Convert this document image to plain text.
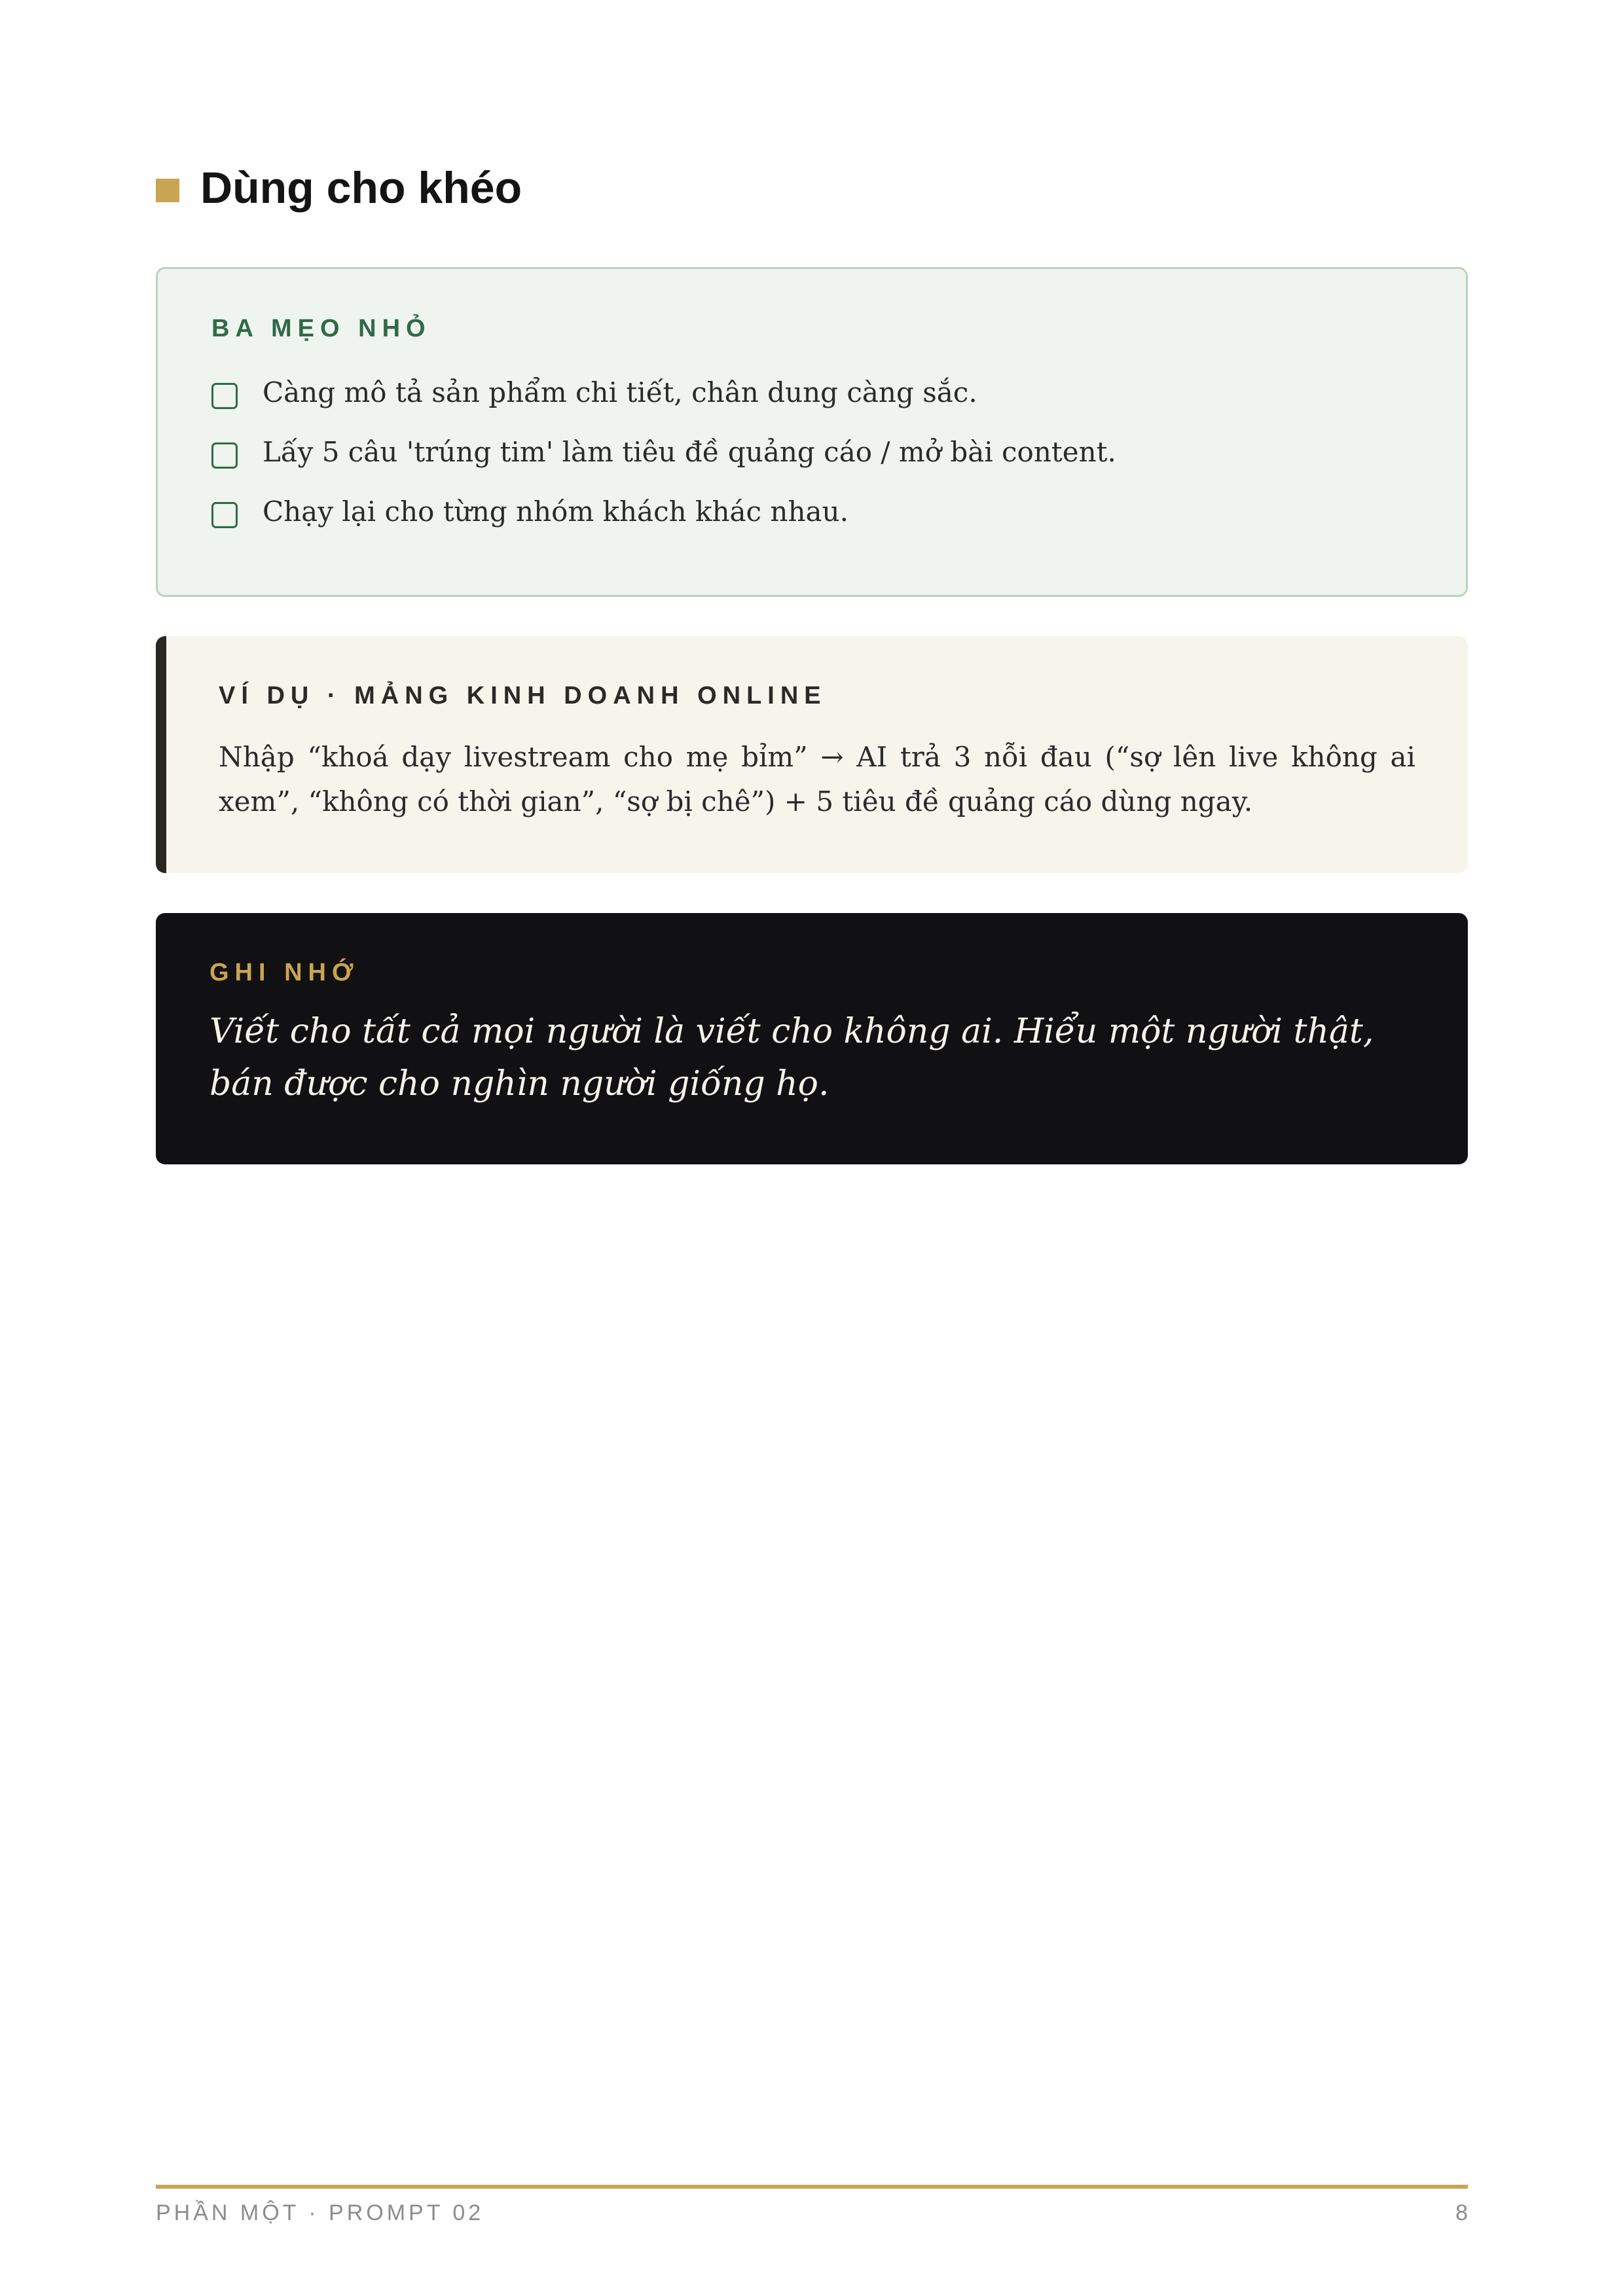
Dùng cho khéo
BA MẸO NHỎ
Càng mô tả sản phẩm chi tiết, chân dung càng sắc.
Lấy 5 câu 'trúng tim' làm tiêu đề quảng cáo / mở bài content.
Chạy lại cho từng nhóm khách khác nhau.
VÍ DỤ · MẢNG KINH DOANH ONLINE
Nhập “khoá dạy livestream cho mẹ bỉm” → AI trả 3 nỗi đau (“sợ lên live không ai xem”, “không có thời gian”, “sợ bị chê”) + 5 tiêu đề quảng cáo dùng ngay.
GHI NHỚ
Viết cho tất cả mọi người là viết cho không ai. Hiểu một người thật, bán được cho nghìn người giống họ.
PHẦN MỘT · PROMPT 02	8
